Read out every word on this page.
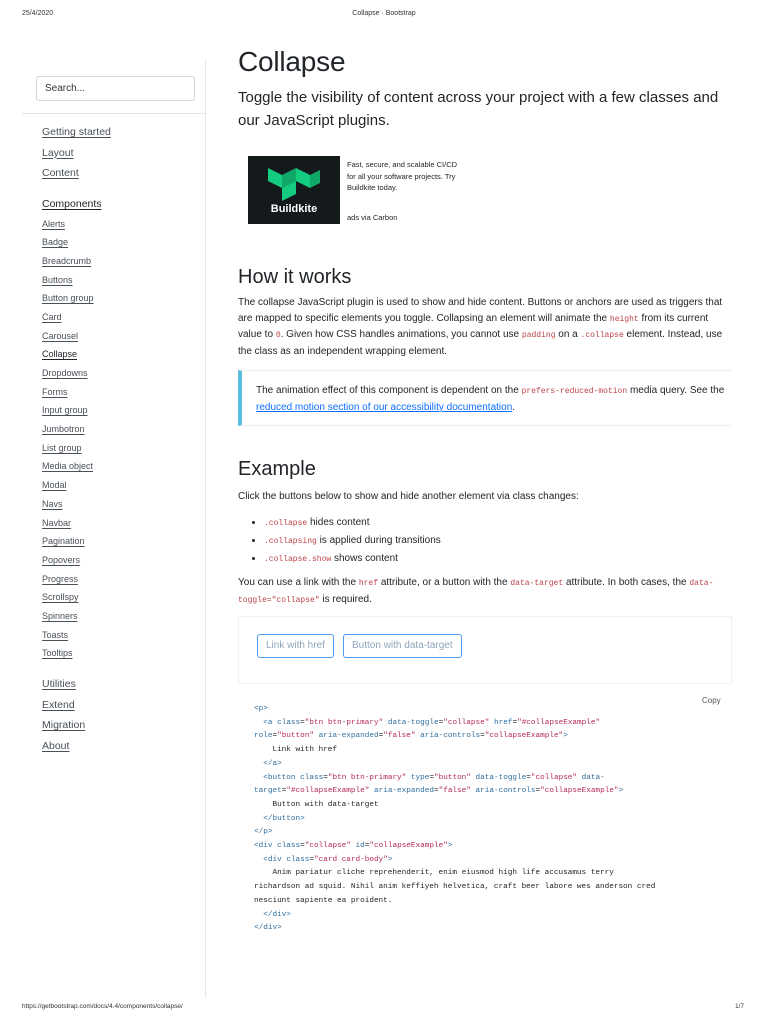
25/4/2020	Collapse · Bootstrap
Search...
Getting started
Layout
Content
Components
Alerts
Badge
Breadcrumb
Buttons
Button group
Card
Carousel
Collapse
Dropdowns
Forms
Input group
Jumbotron
List group
Media object
Modal
Navs
Navbar
Pagination
Popovers
Progress
Scrollspy
Spinners
Toasts
Tooltips
Utilities
Extend
Migration
About
Collapse

Toggle the visibility of content across your project with a few classes and our JavaScript plugins.

Buildkite
Fast, secure, and scalable CI/CD for all your software projects. Try Buildkite today.
ads via Carbon
How it works

The collapse JavaScript plugin is used to show and hide content. Buttons or anchors are used as triggers that are mapped to specific elements you toggle. Collapsing an element will animate the height from its current value to 0. Given how CSS handles animations, you cannot use padding on a .collapse element. Instead, use the class as an independent wrapping element.

The animation effect of this component is dependent on the prefers-reduced-motion media query. See the reduced motion section of our accessibility documentation.

Example

Click the buttons below to show and hide another element via class changes:

• .collapse hides content
• .collapsing is applied during transitions
• .collapse.show shows content

You can use a link with the href attribute, or a button with the data-target attribute. In both cases, the data-toggle="collapse" is required.

Link with href	Button with data-target
Copy
<p>
<a class="btn btn-primary" data-toggle="collapse" href="#collapseExample"
role="button" aria-expanded="false" aria-controls="collapseExample">
Link with href
</a>
<button class="btn btn-primary" type="button" data-toggle="collapse" data-
target="#collapseExample" aria-expanded="false" aria-controls="collapseExample">
Button with data-target
</button>
</p>
<div class="collapse" id="collapseExample">
<div class="card card-body">
Anim pariatur cliche reprehenderit, enim eiusmod high life accusamus terry
richardson ad squid. Nihil anim keffiyeh helvetica, craft beer labore wes anderson cred
nesciunt sapiente ea proident.
</div>
</div>
https://getbootstrap.com/docs/4.4/components/collapse/	1/7
